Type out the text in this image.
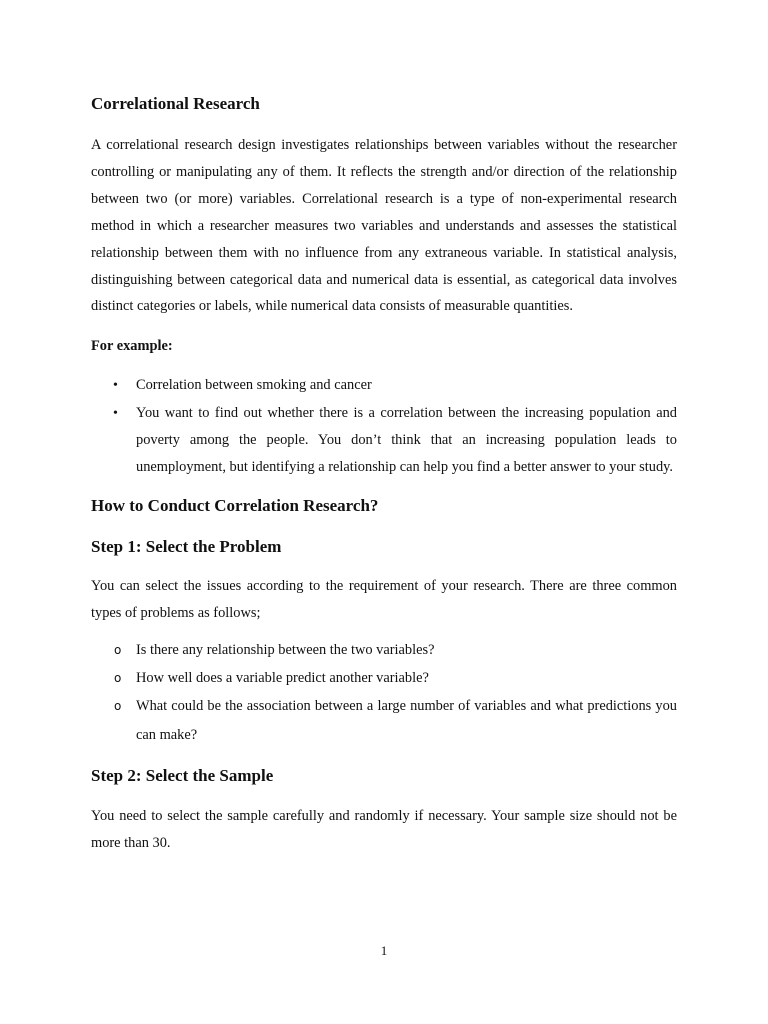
Correlational Research

A correlational research design investigates relationships between variables without the researcher controlling or manipulating any of them. It reflects the strength and/or direction of the relationship between two (or more) variables. Correlational research is a type of non-experimental research method in which a researcher measures two variables and understands and assesses the statistical relationship between them with no influence from any extraneous variable. In statistical analysis, distinguishing between categorical data and numerical data is essential, as categorical data involves distinct categories or labels, while numerical data consists of measurable quantities.

For example:

• Correlation between smoking and cancer
• You want to find out whether there is a correlation between the increasing population and poverty among the people. You don’t think that an increasing population leads to unemployment, but identifying a relationship can help you find a better answer to your study.
How to Conduct Correlation Research?
Step 1: Select the Problem

You can select the issues according to the requirement of your research. There are three common types of problems as follows;

o Is there any relationship between the two variables?
o How well does a variable predict another variable?
o What could be the association between a large number of variables and what predictions you can make?
Step 2: Select the Sample

You need to select the sample carefully and randomly if necessary. Your sample size should not be more than 30.

1
